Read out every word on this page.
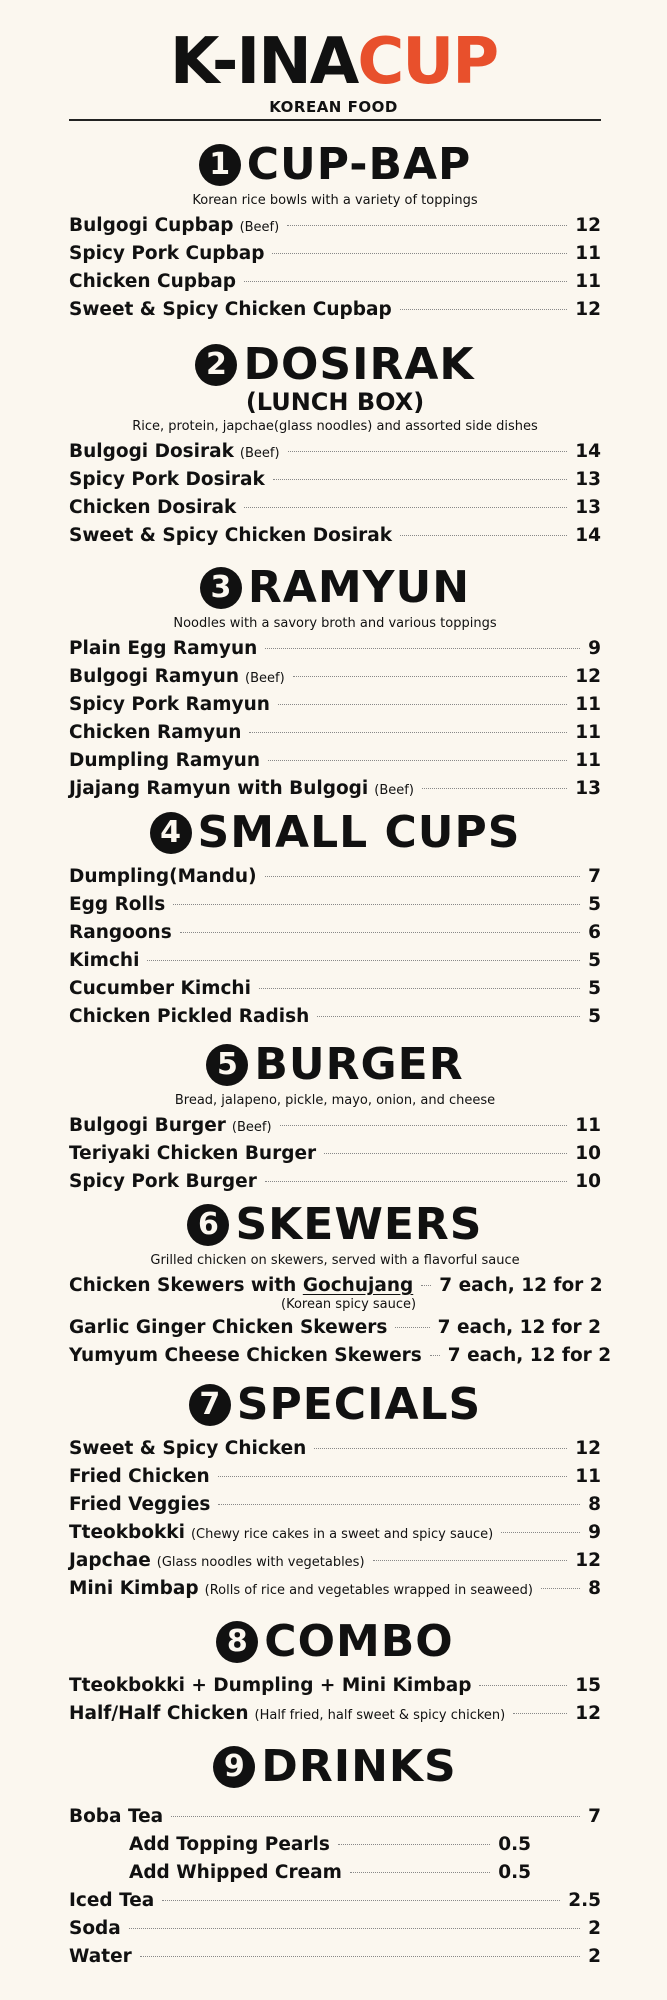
K-INACUP
KOREAN FOOD
1 CUP-BAP
Korean rice bowls with a variety of toppings
Bulgogi Cupbap (Beef)	12
Spicy Pork Cupbap	11
Chicken Cupbap	11
Sweet & Spicy Chicken Cupbap	12
2 DOSIRAK
(LUNCH BOX)
Rice, protein, japchae(glass noodles) and assorted side dishes
Bulgogi Dosirak (Beef)	14
Spicy Pork Dosirak	13
Chicken Dosirak	13
Sweet & Spicy Chicken Dosirak	14
3 RAMYUN
Noodles with a savory broth and various toppings
Plain Egg Ramyun	9
Bulgogi Ramyun (Beef)	12
Spicy Pork Ramyun	11
Chicken Ramyun	11
Dumpling Ramyun	11
Jjajang Ramyun with Bulgogi (Beef)	13
4 SMALL CUPS
Dumpling(Mandu)	7
Egg Rolls	5
Rangoons	6
Kimchi	5
Cucumber Kimchi	5
Chicken Pickled Radish	5
5 BURGER
Bread, jalapeno, pickle, mayo, onion, and cheese
Bulgogi Burger (Beef)	11
Teriyaki Chicken Burger	10
Spicy Pork Burger	10
6 SKEWERS
Grilled chicken on skewers, served with a flavorful sauce
Chicken Skewers with Gochujang 7 each, 12 for 2
(Korean spicy sauce)
Garlic Ginger Chicken Skewers	7 each, 12 for 2
Yumyum Cheese Chicken Skewers 7 each, 12 for 2
7 SPECIALS
Sweet & Spicy Chicken	12
Fried Chicken	11
Fried Veggies	8
Tteokbokki (Chewy rice cakes in a sweet and spicy sauce)	9
Japchae (Glass noodles with vegetables)	12
Mini Kimbap (Rolls of rice and vegetables wrapped in seaweed)	8
8 COMBO
Tteokbokki + Dumpling + Mini Kimbap	15
Half/Half Chicken (Half fried, half sweet & spicy chicken)	12
9 DRINKS
Boba Tea	7
Add Topping Pearls	0.5
Add Whipped Cream	0.5
Iced Tea	2.5
Soda	2
Water	2
